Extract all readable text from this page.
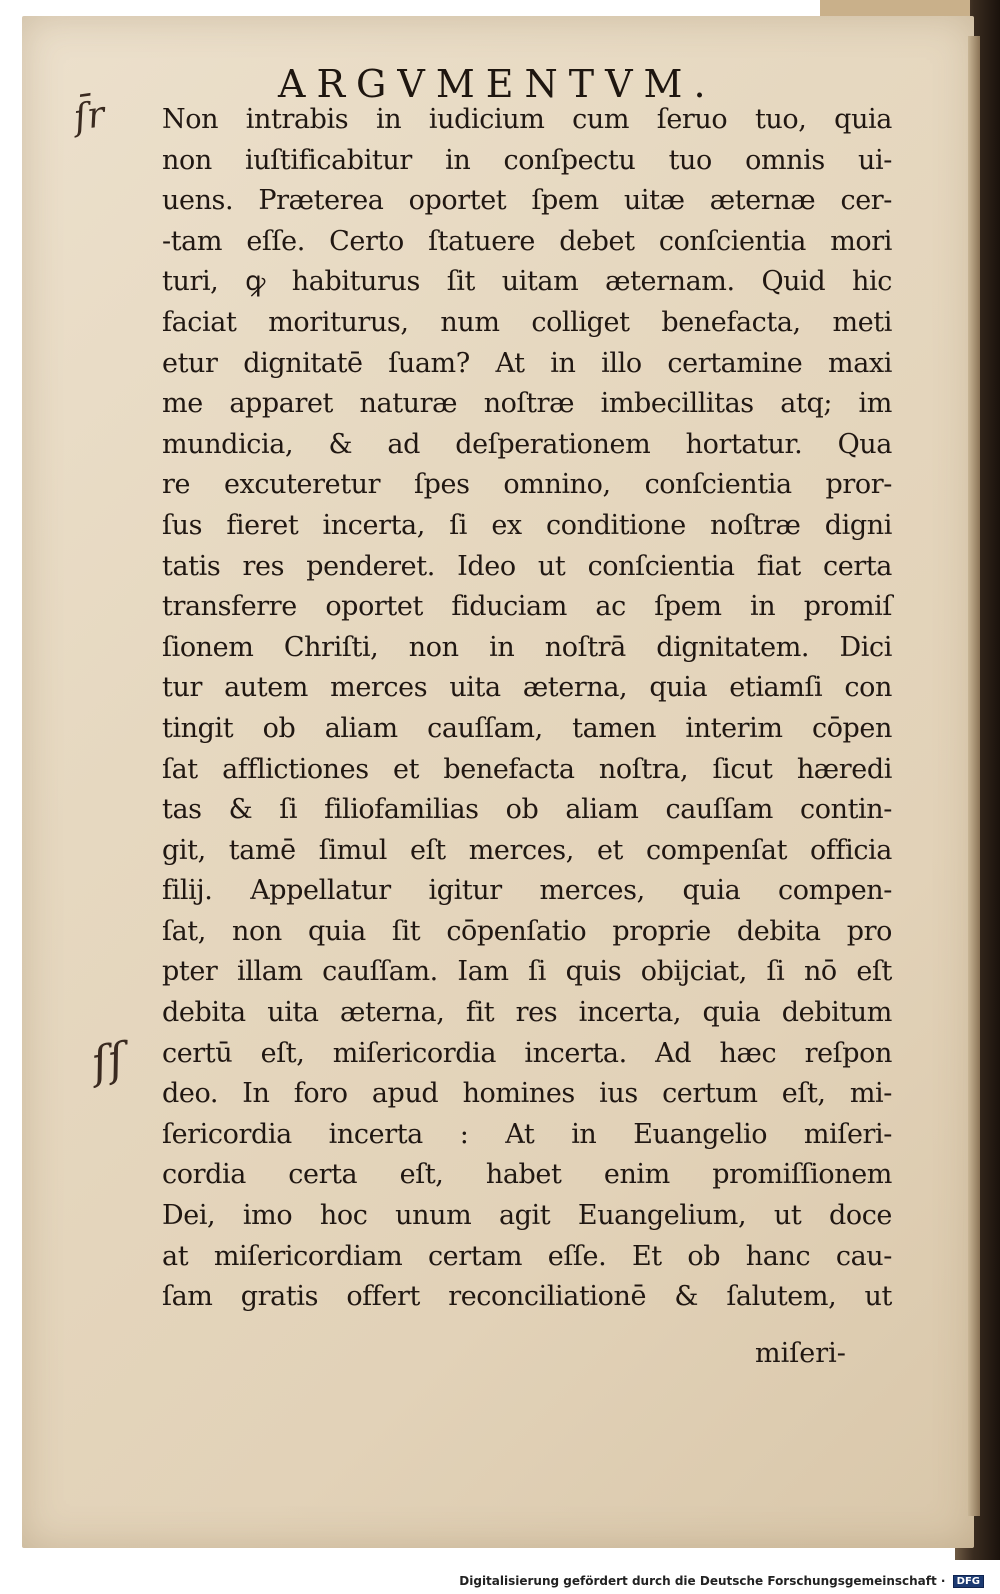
ARGVMENTVM.
ſ̄r
ſſ
Non intrabis in iudicium cum ſeruo tuo, quia
non iuſtificabitur in conſpectu tuo omnis ui-
uens. Præterea oportet ſpem uitæ æternæ cer-
-tam eſſe. Certo ſtatuere debet conſcientia mori
turi, ꝙ habiturus ſit uitam æternam. Quid hic
faciat moriturus, num colliget benefacta, meti
etur dignitatē ſuam? At in illo certamine maxi
me apparet naturæ noſtræ imbecillitas atq; im
mundicia, & ad deſperationem hortatur. Qua
re excuteretur ſpes omnino, conſcientia pror-
ſus fieret incerta, ſi ex conditione noſtræ digni
tatis res penderet. Ideo ut conſcientia fiat certa
transferre oportet fiduciam ac ſpem in promiſ
ſionem Chriſti, non in noſtrā dignitatem. Dici
tur autem merces uita æterna, quia etiamſi con
tingit ob aliam cauſſam, tamen interim cōpen
ſat afflictiones et benefacta noſtra, ſicut hæredi
tas & ſi filiofamilias ob aliam cauſſam contin-
git, tamē ſimul eſt merces, et compenſat officia
filij. Appellatur igitur merces, quia compen-
ſat, non quia ſit cōpenſatio proprie debita pro
pter illam cauſſam. Iam ſi quis obijciat, ſi nō eſt
debita uita æterna, fit res incerta, quia debitum
certū eſt, miſericordia incerta. Ad hæc reſpon
deo. In foro apud homines ius certum eſt, mi-
ſericordia incerta : At in Euangelio miſeri-
cordia certa eſt, habet enim promiſſionem
Dei, imo hoc unum agit Euangelium, ut doce
at miſericordiam certam eſſe. Et ob hanc cau-
ſam gratis offert reconciliationē & ſalutem, ut
miſeri-
Digitalisierung gefördert durch die Deutsche Forschungsgemeinschaft · DFG
